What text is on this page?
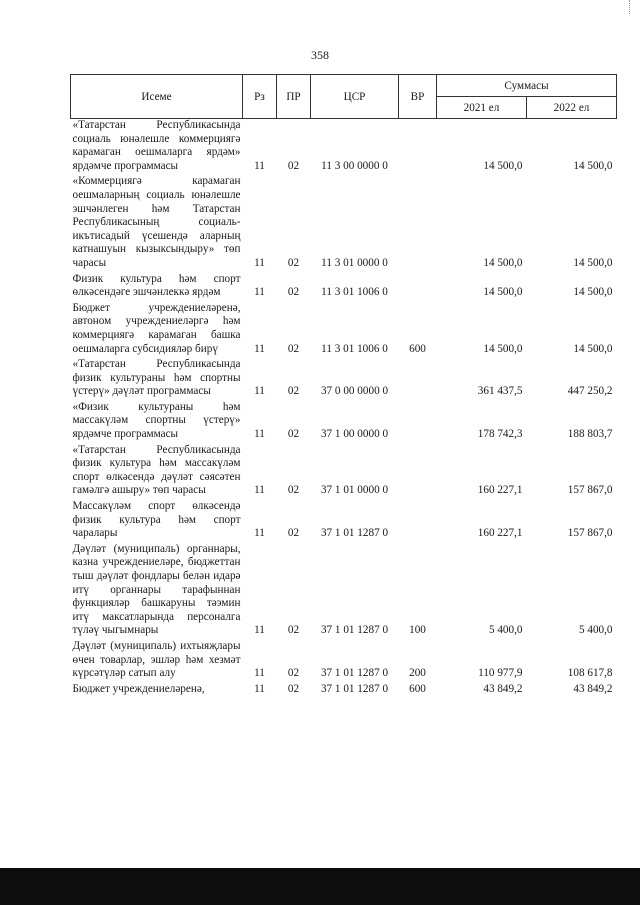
358
Исеме	Рз	ПР	ЦСР	ВР	Суммасы	
					2021 ел	2022 ел
«Татарстан Республикасында социаль юнәлешле коммерциягә карамаган оешмаларга ярдәм» ярдәмче программасы	11	02	11 3 00 0000 0		14 500,0	14 500,0
«Коммерциягә карамаган оешмаларның социаль юнәлешле эшчәнлеген һәм Татарстан Республикасының социаль-икътисадый үсешендә аларның катнашуын кызыксындыру» төп чарасы	11	02	11 3 01 0000 0		14 500,0	14 500,0
Физик культура һәм спорт өлкәсендәге эшчәнлеккә ярдәм	11	02	11 3 01 1006 0		14 500,0	14 500,0
Бюджет учреждениеләренә, автоном учреждениеләргә һәм коммерциягә карамаган башка оешмаларга субсидияләр бирү	11	02	11 3 01 1006 0	600	14 500,0	14 500,0
«Татарстан Республикасында физик культураны һәм спортны үстерү» дәүләт программасы	11	02	37 0 00 0000 0		361 437,5	447 250,2
«Физик культураны һәм массакүләм спортны үстерү» ярдәмче программасы	11	02	37 1 00 0000 0		178 742,3	188 803,7
«Татарстан Республикасында физик культура һәм массакүләм спорт өлкәсендә дәүләт сәясәтен гамәлгә ашыру» төп чарасы	11	02	37 1 01 0000 0		160 227,1	157 867,0
Массакүләм спорт өлкәсендә физик культура һәм спорт чаралары	11	02	37 1 01 1287 0		160 227,1	157 867,0
Дәүләт (муниципаль) органнары, казна учреждениеләре, бюджеттан тыш дәүләт фондлары белән идарә итү органнары тарафыннан функцияләр башкаруны тәэмин итү максатларында персоналга түләү чыгымнары	11	02	37 1 01 1287 0	100	5 400,0	5 400,0
Дәүләт (муниципаль) ихтыяҗлары өчен товарлар, эшләр һәм хезмәт күрсәтүләр сатып алу	11	02	37 1 01 1287 0	200	110 977,9	108 617,8
Бюджет учреждениеләренә,	11	02	37 1 01 1287 0	600	43 849,2	43 849,2
